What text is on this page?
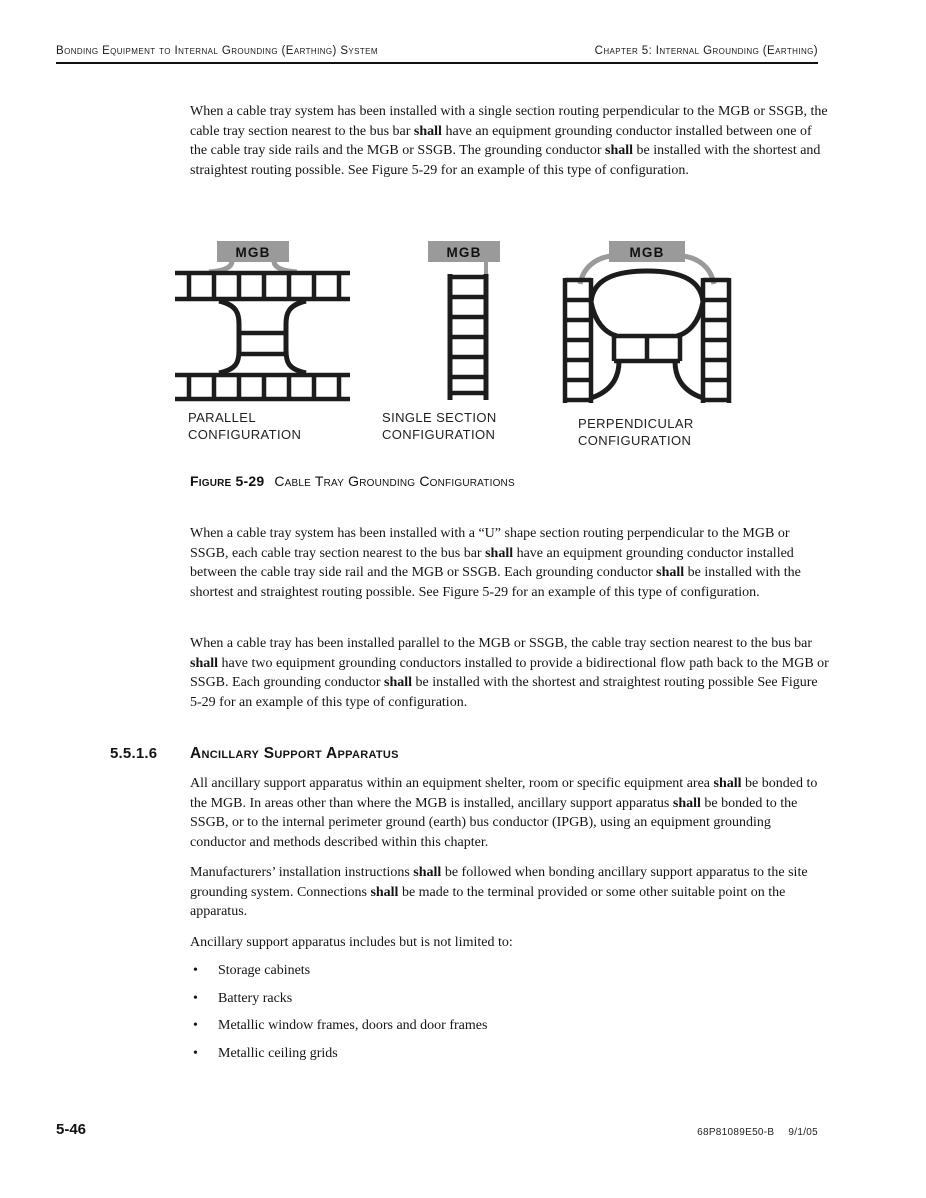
Bonding Equipment to Internal Grounding (Earthing) System	Chapter 5: Internal Grounding (Earthing)

When a cable tray system has been installed with a single section routing perpendicular to the MGB or SSGB, the cable tray section nearest to the bus bar shall have an equipment grounding conductor installed between one of the cable tray side rails and the MGB or SSGB. The grounding conductor shall be installed with the shortest and straightest routing possible. See Figure 5-29 for an example of this type of configuration.

MGB
PARALLEL
CONFIGURATION
MGB
SINGLE SECTION
CONFIGURATION
MGB
PERPENDICULAR
CONFIGURATION
Figure 5-29 Cable Tray Grounding Configurations

When a cable tray system has been installed with a “U” shape section routing perpendicular to the MGB or SSGB, each cable tray section nearest to the bus bar shall have an equipment grounding conductor installed between the cable tray side rail and the MGB or SSGB. Each grounding conductor shall be installed with the shortest and straightest routing possible. See Figure 5-29 for an example of this type of configuration.

When a cable tray has been installed parallel to the MGB or SSGB, the cable tray section nearest to the bus bar shall have two equipment grounding conductors installed to provide a bidirectional flow path back to the MGB or SSGB. Each grounding conductor shall be installed with the shortest and straightest routing possible See Figure 5-29 for an example of this type of configuration.

5.5.1.6 Ancillary Support Apparatus

All ancillary support apparatus within an equipment shelter, room or specific equipment area shall be bonded to the MGB. In areas other than where the MGB is installed, ancillary support apparatus shall be bonded to the SSGB, or to the internal perimeter ground (earth) bus conductor (IPGB), using an equipment grounding conductor and methods described within this chapter.

Manufacturers’ installation instructions shall be followed when bonding ancillary support apparatus to the site grounding system. Connections shall be made to the terminal provided or some other suitable point on the apparatus.

Ancillary support apparatus includes but is not limited to:

• Storage cabinets
• Battery racks
• Metallic window frames, doors and door frames
• Metallic ceiling grids
5-46	68P81089E50-B 9/1/05
